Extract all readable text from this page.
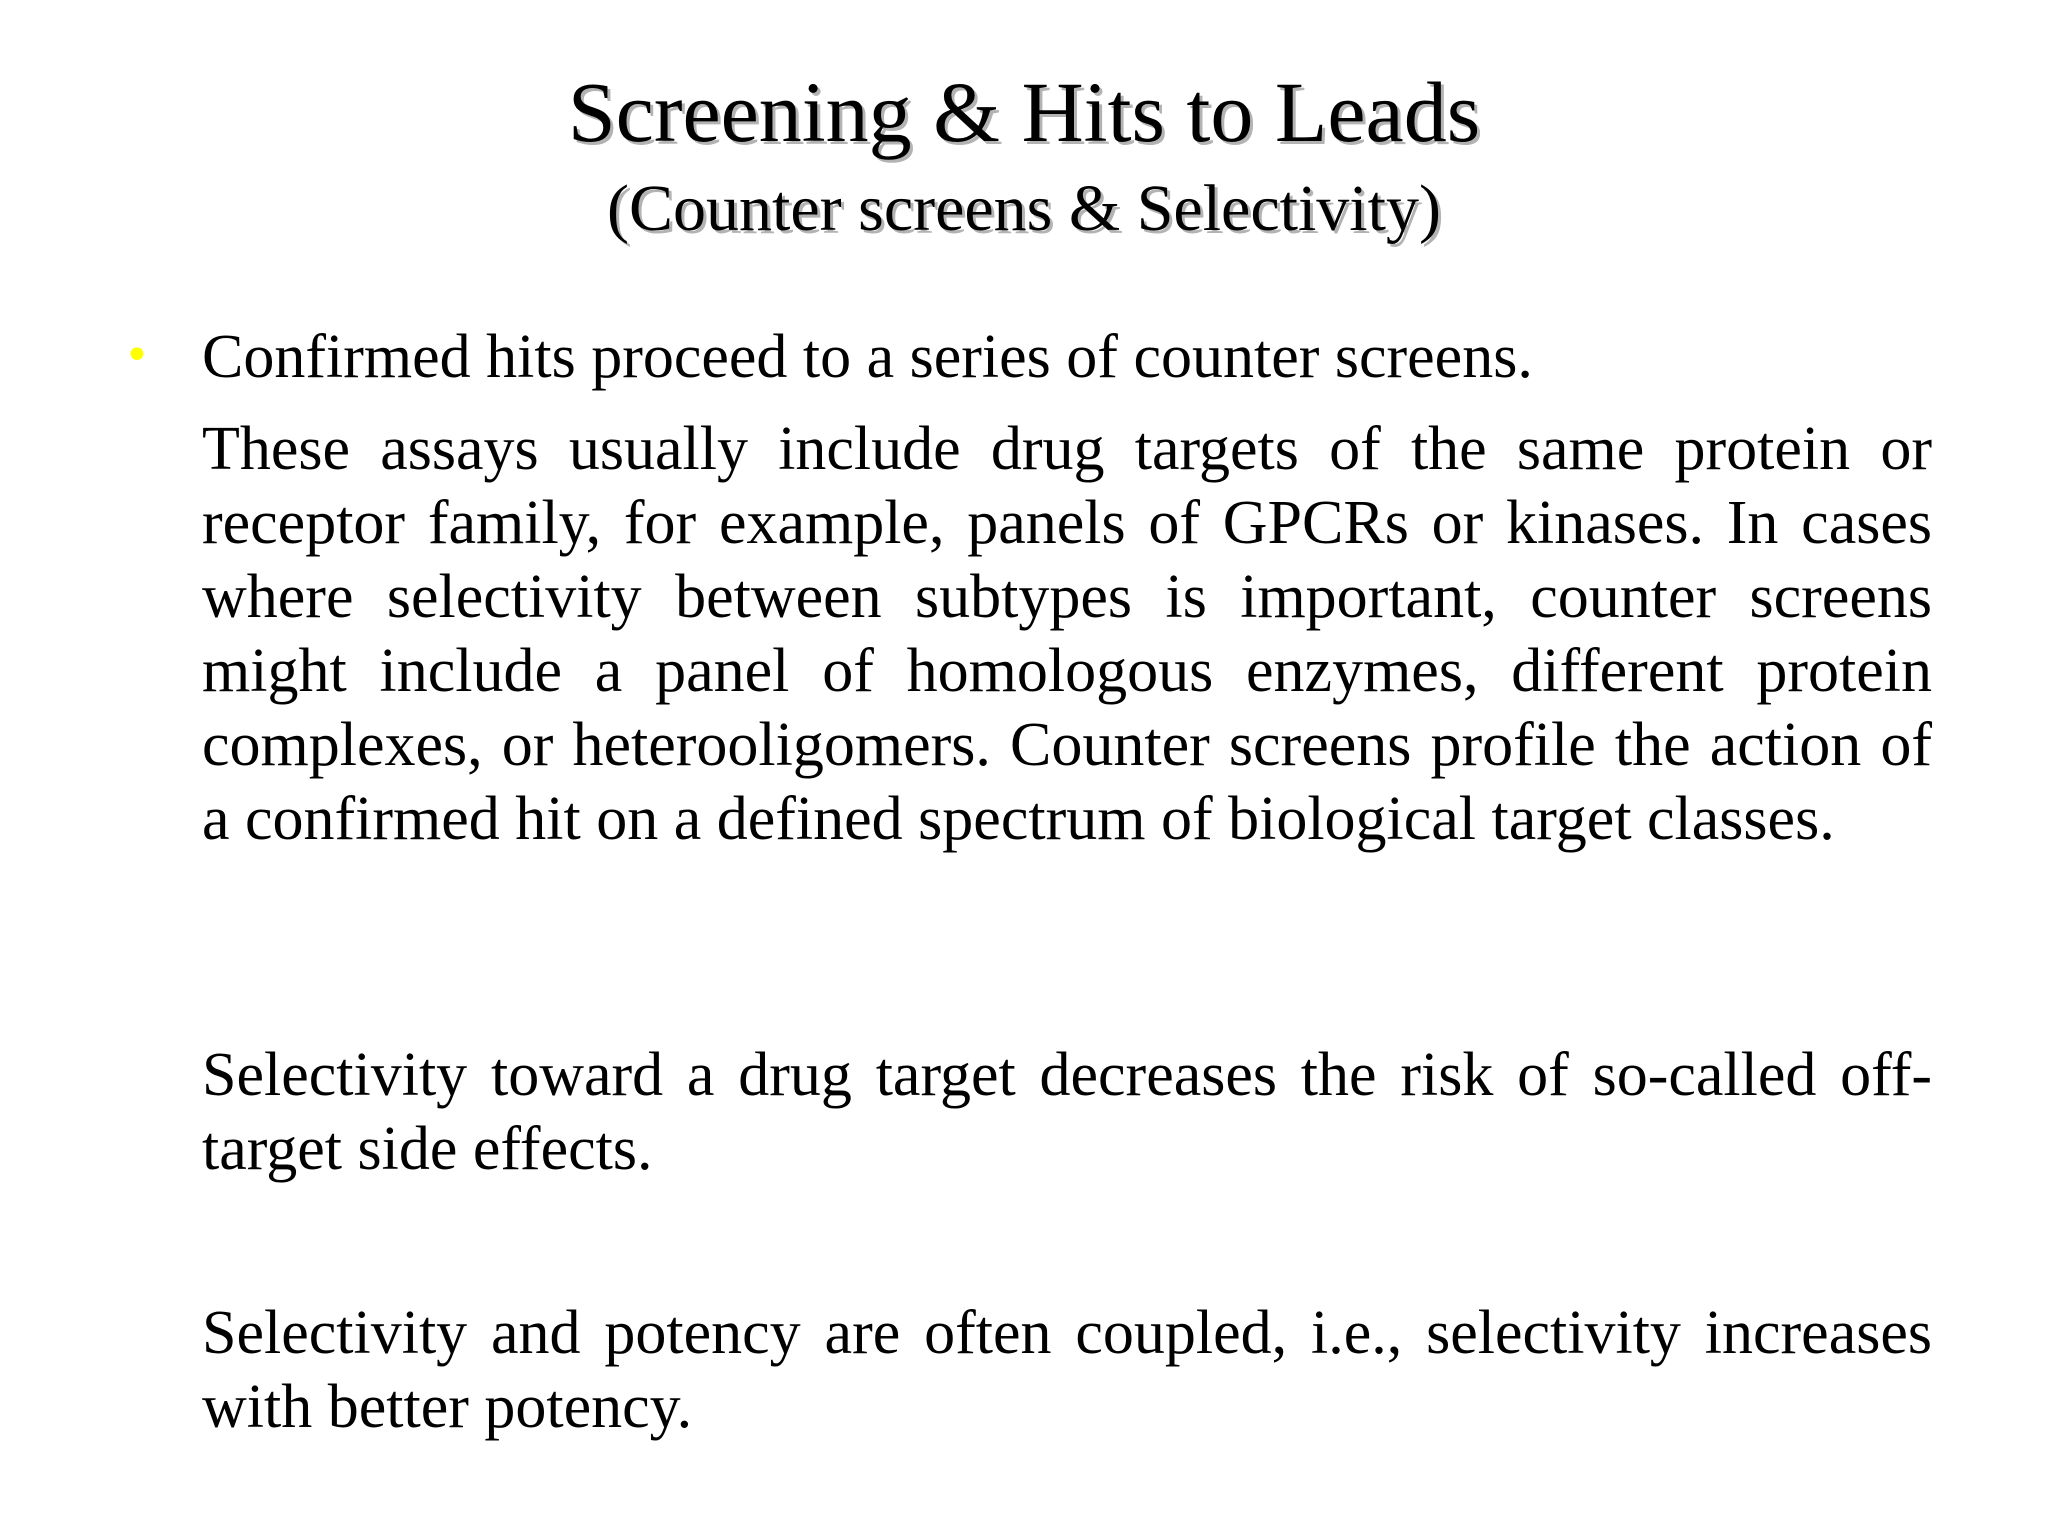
Screening & Hits to Leads
(Counter screens & Selectivity)
• Confirmed hits proceed to a series of counter screens.

These assays usually include drug targets of the same protein or receptor family, for example, panels of GPCRs or kinases. In cases where selectivity between subtypes is important, counter screens might include a panel of homologous enzymes, different protein complexes, or heterooligomers. Counter screens profile the action of a confirmed hit on a defined spectrum of biological target classes.

Selectivity toward a drug target decreases the risk of so-called off-target side effects.

Selectivity and potency are often coupled, i.e., selectivity increases with better potency.
